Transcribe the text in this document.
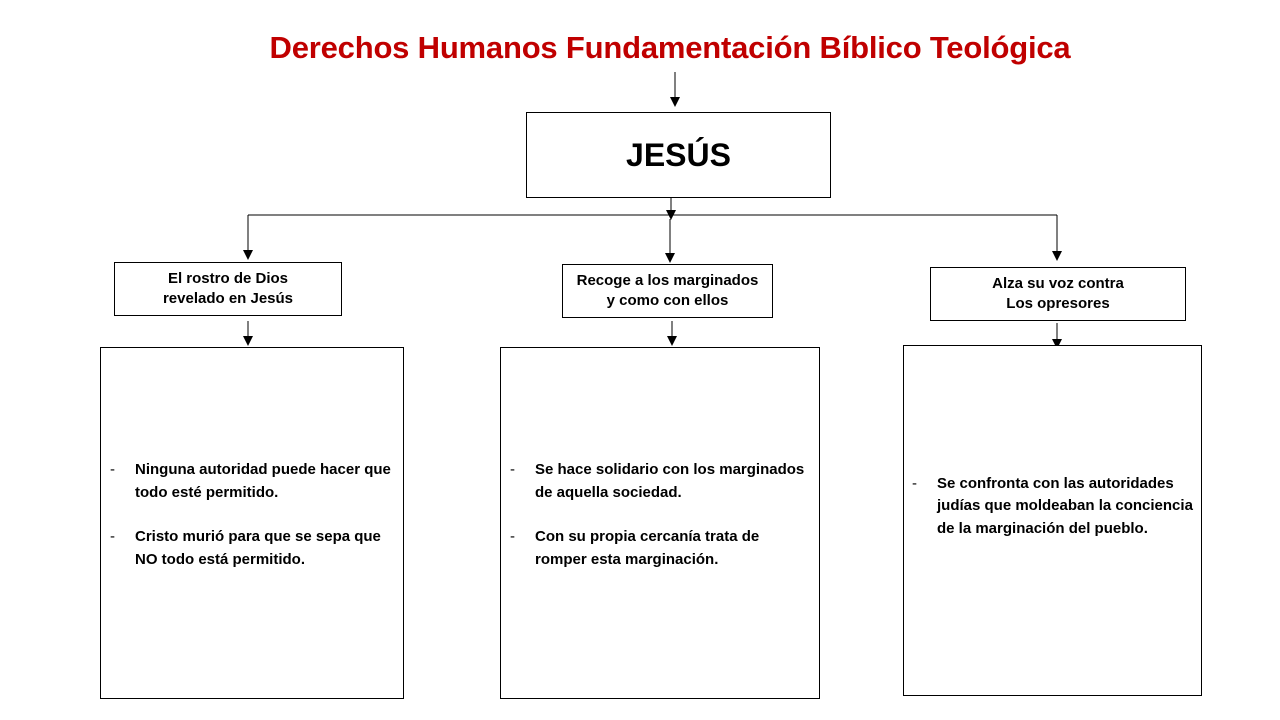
Derechos Humanos Fundamentación Bíblico Teológica
JESÚS
El rostro de Dios
revelado en Jesús
Recoge a los marginados
y como con ellos
Alza su voz contra
Los opresores
- Ninguna autoridad puede hacer que todo esté permitido.
- Cristo murió para que se sepa que NO todo está permitido.
- Se hace solidario con los marginados de aquella sociedad.
- Con su propia cercanía trata de romper esta marginación.
- Se confronta con las autoridades judías que moldeaban la conciencia de la marginación del pueblo.
